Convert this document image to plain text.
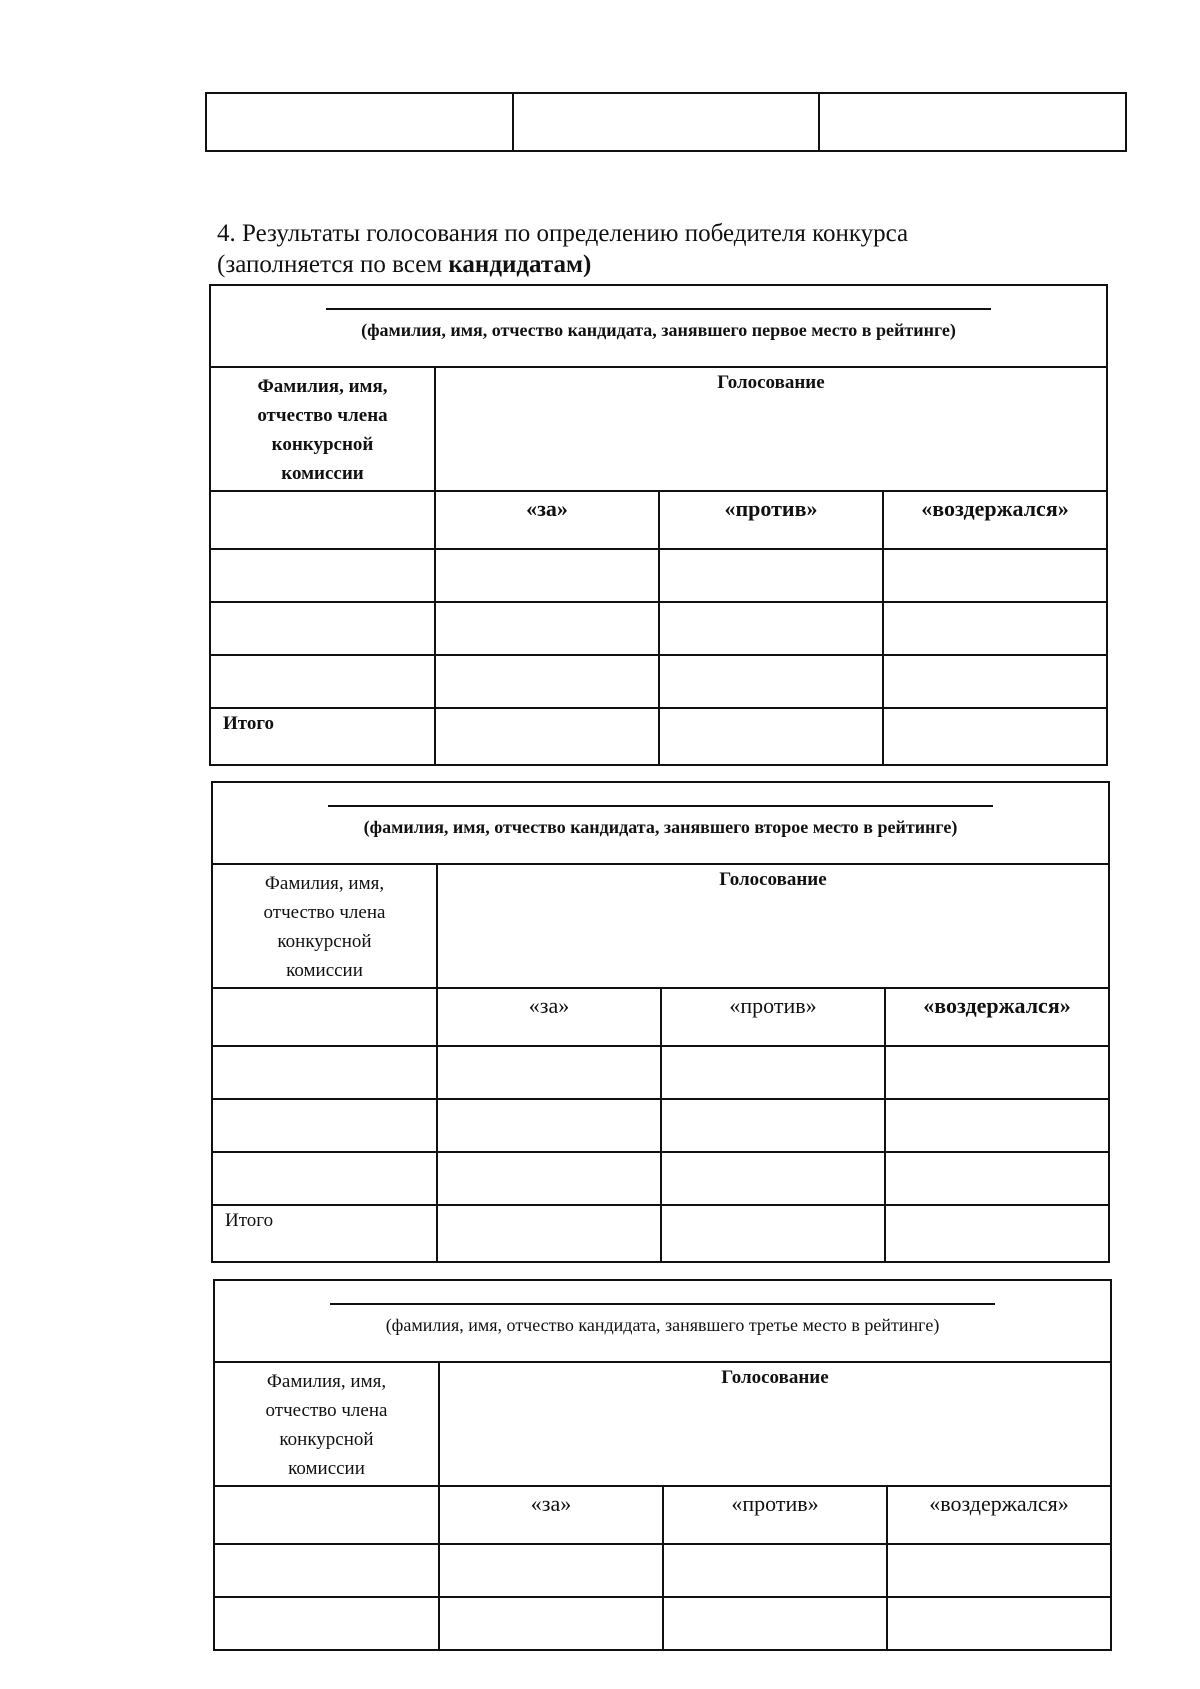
4. Результаты голосования по определению победителя конкурса
(заполняется по всем кандидатам)
(фамилия, имя, отчество кандидата, занявшего первое место в рейтинге)			

Фамилия, имя,
отчество члена
конкурсной
комиссии	Голосование		
	«за»	«против»	«воздержался»

Итого			
(фамилия, имя, отчество кандидата, занявшего второе место в рейтинге)			

Фамилия, имя,
отчество члена
конкурсной
комиссии	Голосование		
	«за»	«против»	«воздержался»

Итого			
(фамилия, имя, отчество кандидата, занявшего третье место в рейтинге)			

Фамилия, имя,
отчество члена
конкурсной
комиссии	Голосование		
	«за»	«против»	«воздержался»
